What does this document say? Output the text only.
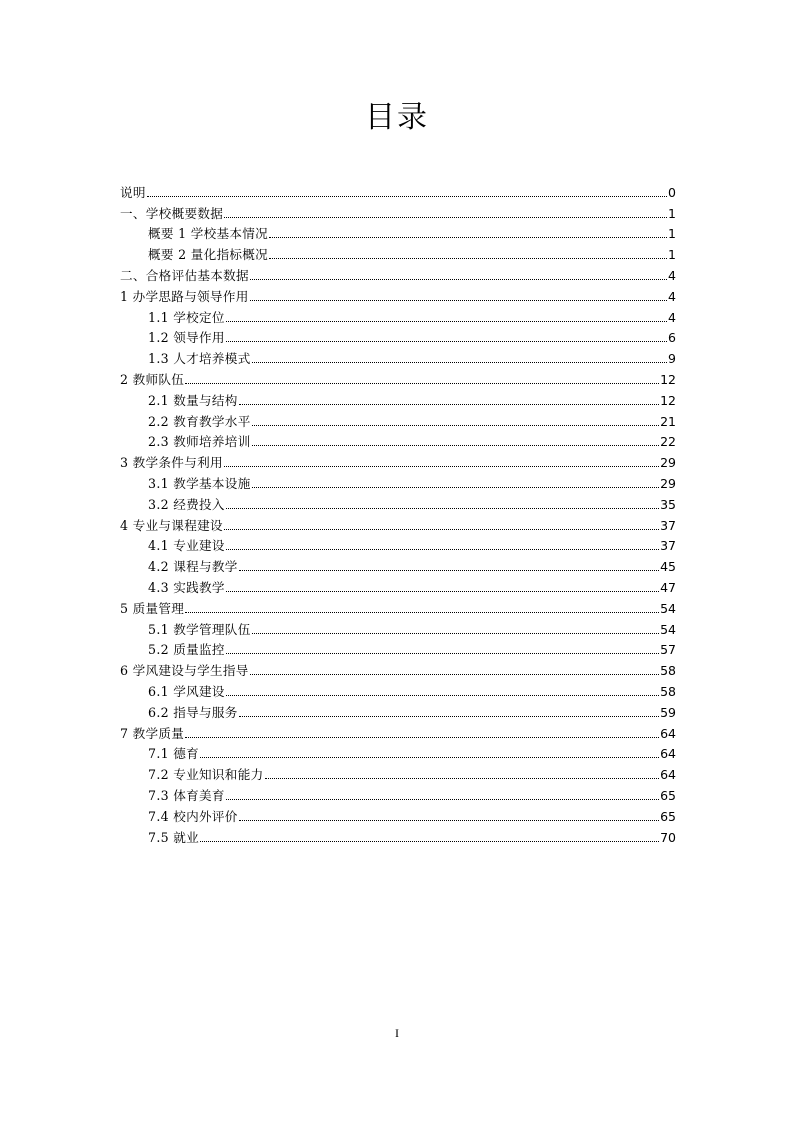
目录
说明	0
一、学校概要数据	1
概要 1 学校基本情况	1
概要 2 量化指标概况	1
二、合格评估基本数据	4
1 办学思路与领导作用	4
1.1 学校定位	4
1.2 领导作用	6
1.3 人才培养模式	9
2 教师队伍	12
2.1 数量与结构	12
2.2 教育教学水平	21
2.3 教师培养培训	22
3 教学条件与利用	29
3.1 教学基本设施	29
3.2 经费投入	35
4 专业与课程建设	37
4.1 专业建设	37
4.2 课程与教学	45
4.3 实践教学	47
5 质量管理	54
5.1 教学管理队伍	54
5.2 质量监控	57
6 学风建设与学生指导	58
6.1 学风建设	58
6.2 指导与服务	59
7 教学质量	64
7.1 德育	64
7.2 专业知识和能力	64
7.3 体育美育	65
7.4 校内外评价	65
7.5 就业	70
I
